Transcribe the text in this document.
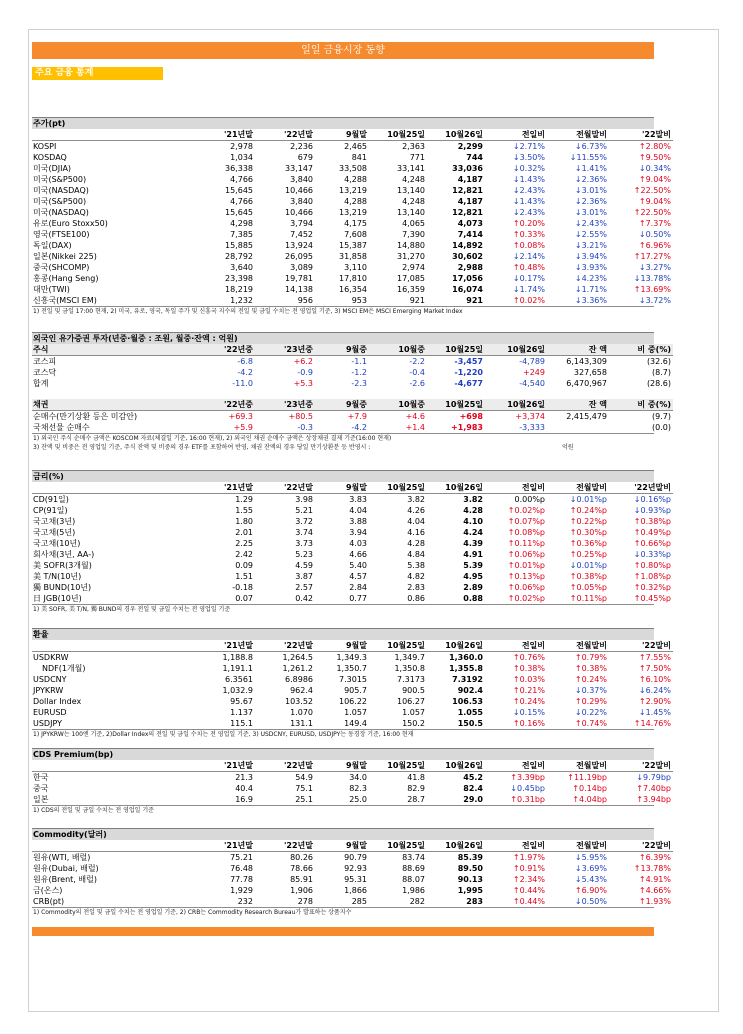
일일 금융시장 동향
주요 금융 통계
주가(pt)
	'21년말	'22년말	9월말	10월25일	10월26일	전일비	전월말비	'22말비
KOSPI	2,978	2,236	2,465	2,363	2,299	↓2.71%	↓6.73%	↑2.80%
KOSDAQ	1,034	679	841	771	744	↓3.50%	↓11.55%	↑9.50%
미국(DJIA)	36,338	33,147	33,508	33,141	33,036	↓0.32%	↓1.41%	↓0.34%
미국(S&P500)	4,766	3,840	4,288	4,248	4,187	↓1.43%	↓2.36%	↑9.04%
미국(NASDAQ)	15,645	10,466	13,219	13,140	12,821	↓2.43%	↓3.01%	↑22.50%
미국(S&P500)	4,766	3,840	4,288	4,248	4,187	↓1.43%	↓2.36%	↑9.04%
미국(NASDAQ)	15,645	10,466	13,219	13,140	12,821	↓2.43%	↓3.01%	↑22.50%
유로(Euro Stoxx50)	4,298	3,794	4,175	4,065	4,073	↑0.20%	↓2.43%	↑7.37%
영국(FTSE100)	7,385	7,452	7,608	7,390	7,414	↑0.33%	↓2.55%	↓0.50%
독일(DAX)	15,885	13,924	15,387	14,880	14,892	↑0.08%	↓3.21%	↑6.96%
일본(Nikkei 225)	28,792	26,095	31,858	31,270	30,602	↓2.14%	↓3.94%	↑17.27%
중국(SHCOMP)	3,640	3,089	3,110	2,974	2,988	↑0.48%	↓3.93%	↓3.27%
홍콩(Hang Seng)	23,398	19,781	17,810	17,085	17,056	↓0.17%	↓4.23%	↓13.78%
대만(TWI)	18,219	14,138	16,354	16,359	16,074	↓1.74%	↓1.71%	↑13.69%
신흥국(MSCI EM)	1,232	956	953	921	921	↑0.02%	↓3.36%	↓3.72%
1) 전일 및 금일 17:00 현재, 2) 미국, 유로, 영국, 독일 주가 및 신흥국 지수의 전일 및 금일 수치는 전 영업일 기준, 3) MSCI EM은 MSCI Emerging Market Index
외국인 유가증권 투자(년중·월중 : 조원, 월중·잔액 : 억원)
주식	'22년중	'23년중	9월중	10월중	10월25일	10월26일	잔 액	비 중(%)
코스피	-6.8	+6.2	-1.1	-2.2	-3,457	-4,789	6,143,309	(32.6)
코스닥	-4.2	-0.9	-1.2	-0.4	-1,220	+249	327,658	(8.7)
합계	-11.0	+5.3	-2.3	-2.6	-4,677	-4,540	6,470,967	(28.6)
채권	'22년중	'23년중	9월중	10월중	10월25일	10월26일	잔 액	비 중(%)
순매수(만기상환 등은 미감안)	+69.3	+80.5	+7.9	+4.6	+698	+3,374	2,415,479	(9.7)
국채선물 순매수	+5.9	-0.3	-4.2	+1.4	+1,983	-3,333		(0.0)
1) 외국인 주식 순매수 금액은 KOSCOM 자료(체결일 기준, 16:00 현재), 2) 외국인 채권 순매수 금액은 상장채권 결제 기준(16:00 현재)
3) 잔액 및 비중은 전 영업일 기준, 주식 잔액 및 비중의 경우 ETF를 포함하여 반영, 채권 잔액의 경우 당일 만기상환분 등 반영시 :	억원
금리(%)
	'21년말	'22년말	9월말	10월25일	10월26일	전일비	전월말비	'22년말비
CD(91일)	1.29	3.98	3.83	3.82	3.82	0.00%p	↓0.01%p	↓0.16%p
CP(91일)	1.55	5.21	4.04	4.26	4.28	↑0.02%p	↑0.24%p	↓0.93%p
국고채(3년)	1.80	3.72	3.88	4.04	4.10	↑0.07%p	↑0.22%p	↑0.38%p
국고채(5년)	2.01	3.74	3.94	4.16	4.24	↑0.08%p	↑0.30%p	↑0.49%p
국고채(10년)	2.25	3.73	4.03	4.28	4.39	↑0.11%p	↑0.36%p	↑0.66%p
회사채(3년, AA-)	2.42	5.23	4.66	4.84	4.91	↑0.06%p	↑0.25%p	↓0.33%p
美 SOFR(3개월)	0.09	4.59	5.40	5.38	5.39	↑0.01%p	↓0.01%p	↑0.80%p
美 T/N(10년)	1.51	3.87	4.57	4.82	4.95	↑0.13%p	↑0.38%p	↑1.08%p
獨 BUND(10년)	-0.18	2.57	2.84	2.83	2.89	↑0.06%p	↑0.05%p	↑0.32%p
日 JGB(10년)	0.07	0.42	0.77	0.86	0.88	↑0.02%p	↑0.11%p	↑0.45%p
1) 美 SOFR, 美 T/N, 獨 BUND의 경우 전일 및 금일 수치는 전 영업일 기준
환율
	'21년말	'22년말	9월말	10월25일	10월26일	전일비	전월말비	'22말비
USDKRW	1,188.8	1,264.5	1,349.3	1,349.7	1,360.0	↑0.76%	↑0.79%	↑7.55%
NDF(1개월)	1,191.1	1,261.2	1,350.7	1,350.8	1,355.8	↑0.38%	↑0.38%	↑7.50%
USDCNY	6.3561	6.8986	7.3015	7.3173	7.3192	↑0.03%	↑0.24%	↑6.10%
JPYKRW	1,032.9	962.4	905.7	900.5	902.4	↑0.21%	↓0.37%	↓6.24%
Dollar Index	95.67	103.52	106.22	106.27	106.53	↑0.24%	↑0.29%	↑2.90%
EURUSD	1.137	1.070	1.057	1.057	1.055	↓0.15%	↓0.22%	↓1.45%
USDJPY	115.1	131.1	149.4	150.2	150.5	↑0.16%	↑0.74%	↑14.76%
1) JPYKRW는 100엔 기준, 2)Dollar Index의 전일 및 금일 수치는 전 영업일 기준, 3) USDCNY, EURUSD, USDJPY는 동경장 기준, 16:00 현재
CDS Premium(bp)
	'21년말	'22년말	9월말	10월25일	10월26일	전일비	전월말비	'22말비
한국	21.3	54.9	34.0	41.8	45.2	↑3.39bp	↑11.19bp	↓9.79bp
중국	40.4	75.1	82.3	82.9	82.4	↓0.45bp	↑0.14bp	↑7.40bp
일본	16.9	25.1	25.0	28.7	29.0	↑0.31bp	↑4.04bp	↑3.94bp
1) CDS의 전일 및 금일 수치는 전 영업일 기준
Commodity(달러)
	'21년말	'22년말	9월말	10월25일	10월26일	전일비	전월말비	'22말비
원유(WTI, 배럴)	75.21	80.26	90.79	83.74	85.39	↑1.97%	↓5.95%	↑6.39%
원유(Dubai, 배럴)	76.48	78.66	92.93	88.69	89.50	↑0.91%	↓3.69%	↑13.78%
원유(Brent, 배럴)	77.78	85.91	95.31	88.07	90.13	↑2.34%	↓5.43%	↑4.91%
금(온스)	1,929	1,906	1,866	1,986	1,995	↑0.44%	↑6.90%	↑4.66%
CRB(pt)	232	278	285	282	283	↑0.44%	↓0.50%	↑1.93%
1) Commodity의 전일 및 금일 수치는 전 영업일 기준, 2) CRB는 Commodity Research Bureau가 발표하는 상품지수
